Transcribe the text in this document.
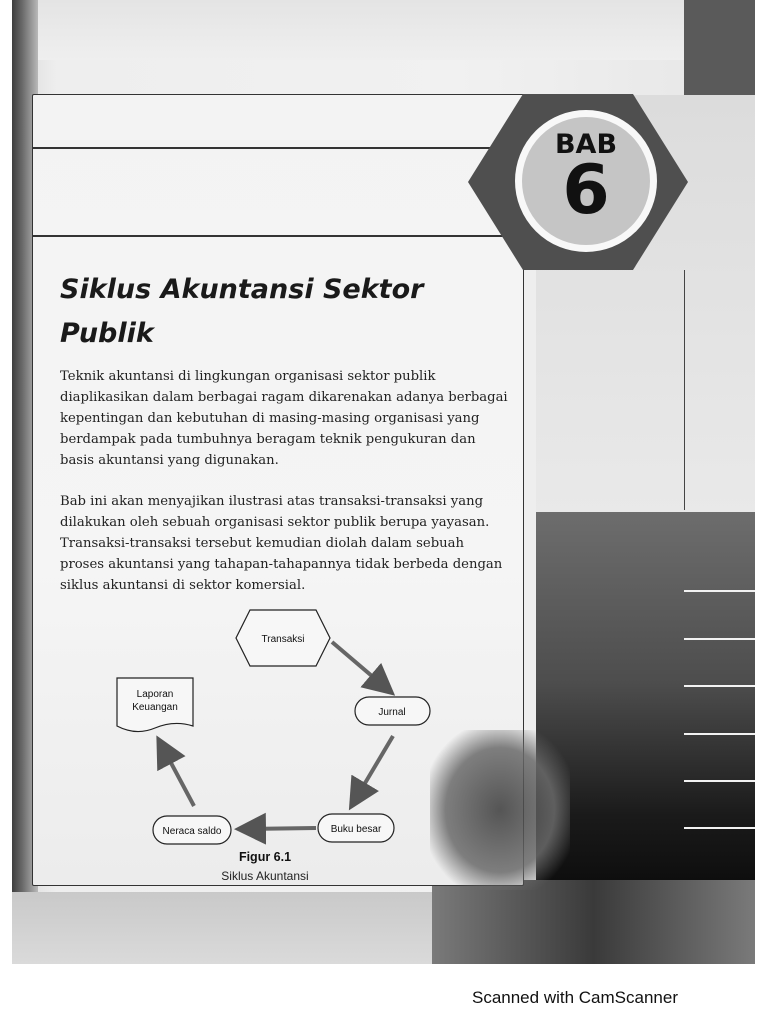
BAB
6
Siklus Akuntansi Sektor
Publik
Teknik akuntansi di lingkungan organisasi sektor publik
diaplikasikan dalam berbagai ragam dikarenakan adanya berbagai
kepentingan dan kebutuhan di masing-masing organisasi yang
berdampak pada tumbuhnya beragam teknik pengukuran dan
basis akuntansi yang digunakan.
Bab ini akan menyajikan ilustrasi atas transaksi-transaksi yang
dilakukan oleh sebuah organisasi sektor publik berupa yayasan.
Transaksi-transaksi tersebut kemudian diolah dalam sebuah
proses akuntansi yang tahapan-tahapannya tidak berbeda dengan
siklus akuntansi di sektor komersial.
Transaksi
Jurnal
Buku besar
Neraca saldo
Laporan
Keuangan
Figur 6.1
Siklus Akuntansi
Scanned with CamScanner
